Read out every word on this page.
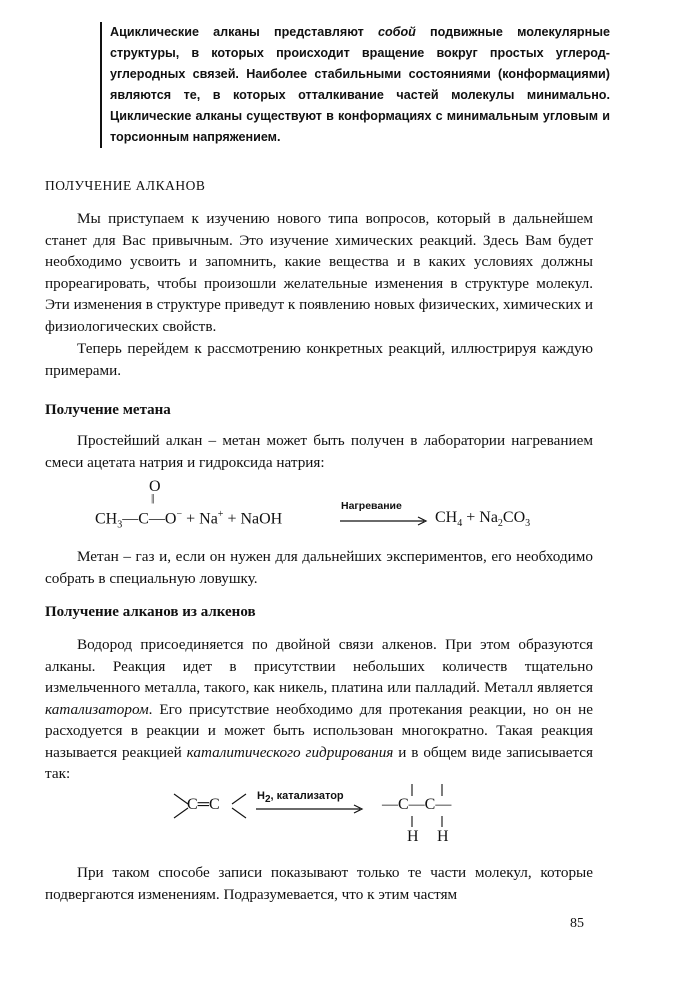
Ациклические алканы представляют собой подвижные молекулярные структуры, в которых происходит вращение вокруг простых углерод-углеродных связей. Наиболее стабильными состояниями (конформациями) являются те, в которых отталкивание частей молекулы минимально. Циклические алканы существуют в конформациях с минимальным угловым и торсионным напряжением.

ПОЛУЧЕНИЕ АЛКАНОВ

Мы приступаем к изучению нового типа вопросов, который в дальнейшем станет для Вас привычным. Это изучение химических реакций. Здесь Вам будет необходимо усвоить и запомнить, какие вещества и в каких условиях должны прореагировать, чтобы произошли желательные изменения в структуре молекул. Эти изменения в структуре приведут к появлению новых физических, химических и физиологических свойств.

Теперь перейдем к рассмотрению конкретных реакций, иллюстрируя каждую примерами.

Получение метана

Простейший алкан – метан может быть получен в лаборатории нагреванием смеси ацетата натрия и гидроксида натрия:

O
||
$CH_3—C—O^- + Na^+$ + NaOH
Нагревание
$CH_4 + Na_2CO_3$

Метан – газ и, если он нужен для дальнейших экспериментов, его необходимо собрать в специальную ловушку.

Получение алканов из алкенов

Водород присоединяется по двойной связи алкенов. При этом образуются алканы. Реакция идет в присутствии небольших количеств тщательно измельченного металла, такого, как никель, платина или палладий. Металл является катализатором. Его присутствие необходимо для протекания реакции, но он не расходуется в реакции и может быть использован многократно. Такая реакция называется реакцией каталитического гидрирования и в общем виде записывается так:

C═C	$H_2$, катализатор —C—C—
H H

При таком способе записи показывают только те части молекул, которые подвергаются изменениям. Подразумевается, что к этим частям

85
